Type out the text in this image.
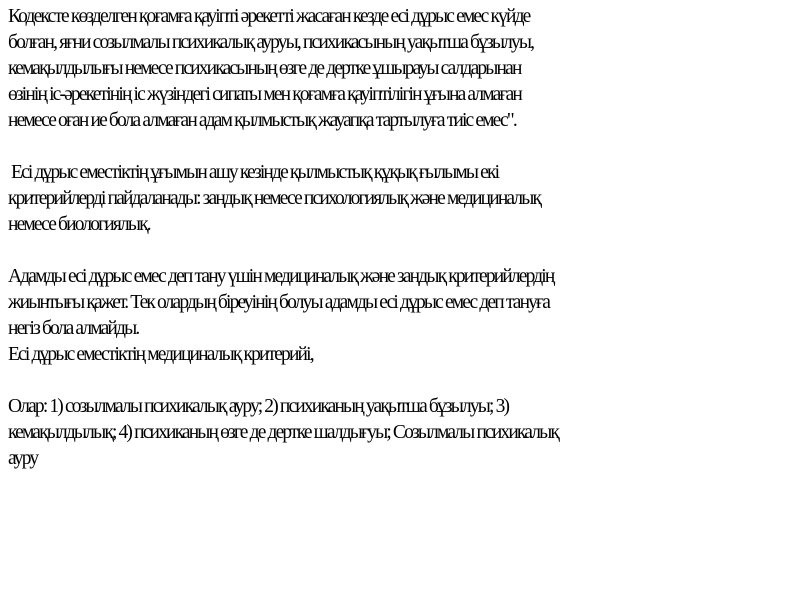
Кодексте көзделген қоғамға қауіпті әрекетті жасаған кезде есі дұрыс емес күйде
болған, яғни созылмалы психикалық ауруы, психикасының уақытша бұзылуы,
кемақылдылығы немесе психикасының өзге де дертке ұшырауы салдарынан
өзінің іс-әрекетінің іс жүзіндегі сипаты мен қоғамға қауіптілігін ұғына алмаған
немесе оған ие бола алмаған адам қылмыстық жауапқа тартылуға тиіс емес".
Есі дұрыс еместіктің ұғымын ашу кезінде қылмыстық құқық ғылымы екі
критерийлерді пайдаланады: заңдық немесе психологиялық және медициналық
немесе биологиялық.
Адамды есі дұрыс емес деп тану үшін медициналық және заңдық критерийлердің
жиынтығы қажет. Тек олардың біреуінің болуы адамды есі дұрыс емес деп тануға
негіз бола алмайды.
Есі дұрыс еместіктің медициналық критерийі,
Олар: 1) созылмалы психикалық ауру; 2) психиканың уақытша бұзылуы; 3)
кемақылдылық; 4) психиканың өзге де дертке шалдығуы; Созылмалы психикалық
ауру
